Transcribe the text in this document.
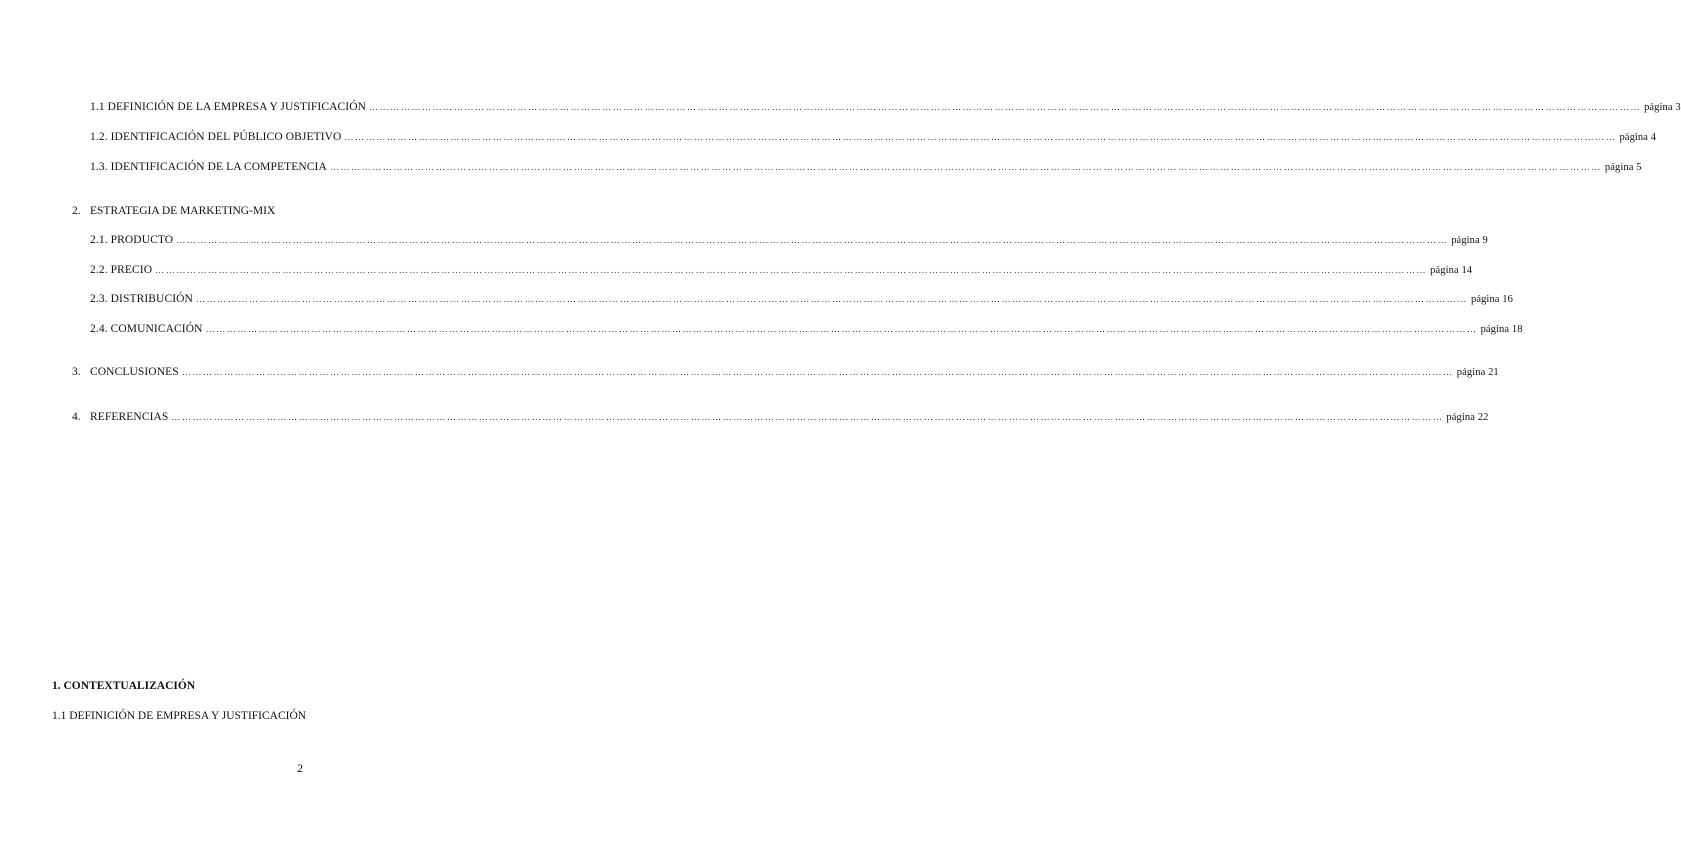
1.1 DEFINICIÓN DE LA EMPRESA Y JUSTIFICACIÓN ……………………………………………………………………………………………………………………………………………………………………………………………………………………………………………………………………………………………………………………………… página 3
1.2. IDENTIFICACIÓN DEL PÚBLICO OBJETIVO ……………………………………………………………………………………………………………………………………………………………………………………………………………………………………………………………………………………………………………………………… página 4
1.3. IDENTIFICACIÓN DE LA COMPETENCIA ……………………………………………………………………………………………………………………………………………………………………………………………………………………………………………………………………………………………………………………………… página 5
2. ESTRATEGIA DE MARKETING-MIX
2.1. PRODUCTO ……………………………………………………………………………………………………………………………………………………………………………………………………………………………………………………………………………………………………………………………… página 9
2.2. PRECIO ……………………………………………………………………………………………………………………………………………………………………………………………………………………………………………………………………………………………………………………………… página 14
2.3. DISTRIBUCIÓN ……………………………………………………………………………………………………………………………………………………………………………………………………………………………………………………………………………………………………………………………… página 16
2.4. COMUNICACIÓN ……………………………………………………………………………………………………………………………………………………………………………………………………………………………………………………………………………………………………………………………… página 18
3. CONCLUSIONES ……………………………………………………………………………………………………………………………………………………………………………………………………………………………………………………………………………………………………………………………… página 21
4. REFERENCIAS ……………………………………………………………………………………………………………………………………………………………………………………………………………………………………………………………………………………………………………………………… página 22
1. CONTEXTUALIZACIÓN
1.1 DEFINICIÓN DE EMPRESA Y JUSTIFICACIÓN
2
